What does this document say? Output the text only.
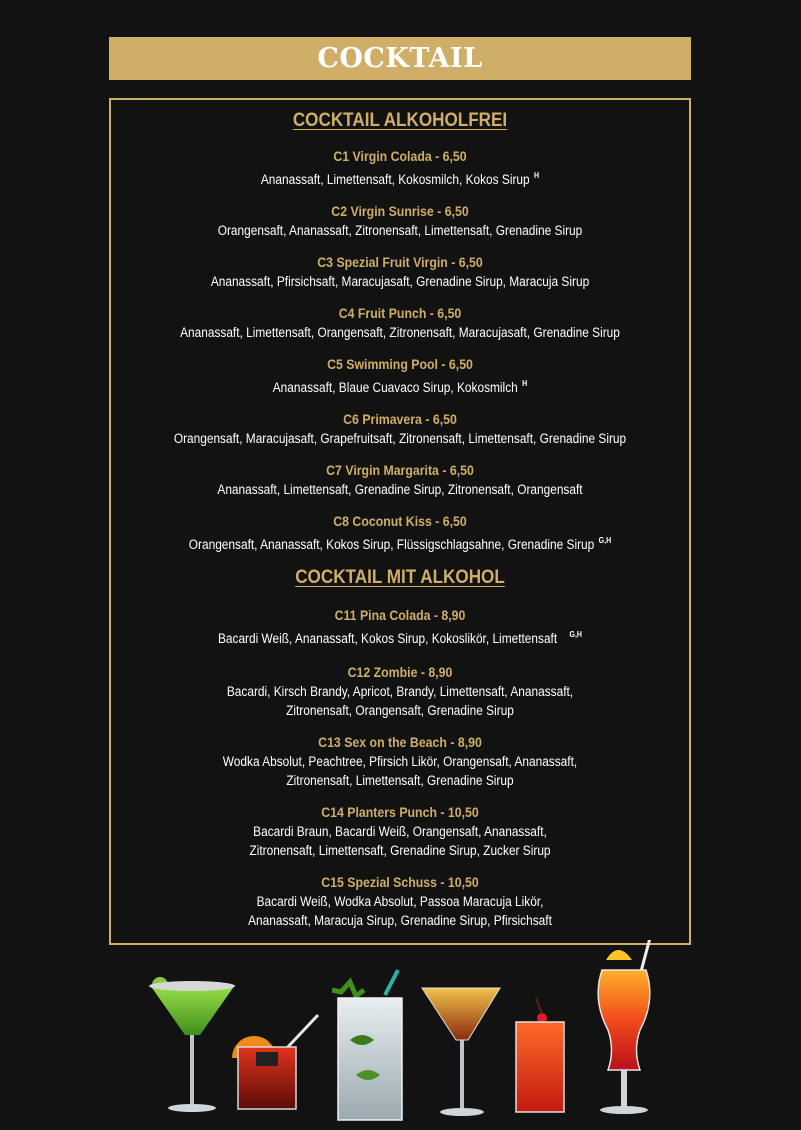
COCKTAIL
COCKTAIL ALKOHOLFREI
C1 Virgin Colada - 6,50
Ananassaft, Limettensaft, Kokosmilch, Kokos Sirup $^H$
C2 Virgin Sunrise - 6,50
Orangensaft, Ananassaft, Zitronensaft, Limettensaft, Grenadine Sirup
C3 Spezial Fruit Virgin - 6,50
Ananassaft, Pfirsichsaft, Maracujasaft, Grenadine Sirup, Maracuja Sirup
C4 Fruit Punch - 6,50
Ananassaft, Limettensaft, Orangensaft, Zitronensaft, Maracujasaft, Grenadine Sirup
C5 Swimming Pool - 6,50
Ananassaft, Blaue Cuavaco Sirup, Kokosmilch $^H$
C6 Primavera - 6,50
Orangensaft, Maracujasaft, Grapefruitsaft, Zitronensaft, Limettensaft, Grenadine Sirup
C7 Virgin Margarita - 6,50
Ananassaft, Limettensaft, Grenadine Sirup, Zitronensaft, Orangensaft
C8 Coconut Kiss - 6,50
Orangensaft, Ananassaft, Kokos Sirup, Flüssigschlagsahne, Grenadine Sirup $^{G,H}$
COCKTAIL MIT ALKOHOL
C11 Pina Colada - 8,90
Bacardi Weiß, Ananassaft, Kokos Sirup, Kokoslikör, Limettensaft $^{G,H}$
C12 Zombie - 8,90
Bacardi, Kirsch Brandy, Apricot, Brandy, Limettensaft, Ananassaft,
Zitronensaft, Orangensaft, Grenadine Sirup
C13 Sex on the Beach - 8,90
Wodka Absolut, Peachtree, Pfirsich Likör, Orangensaft, Ananassaft,
Zitronensaft, Limettensaft, Grenadine Sirup
C14 Planters Punch - 10,50
Bacardi Braun, Bacardi Weiß, Orangensaft, Ananassaft,
Zitronensaft, Limettensaft, Grenadine Sirup, Zucker Sirup
C15 Spezial Schuss - 10,50
Bacardi Weiß, Wodka Absolut, Passoa Maracuja Likör,
Ananassaft, Maracuja Sirup, Grenadine Sirup, Pfirsichsaft
